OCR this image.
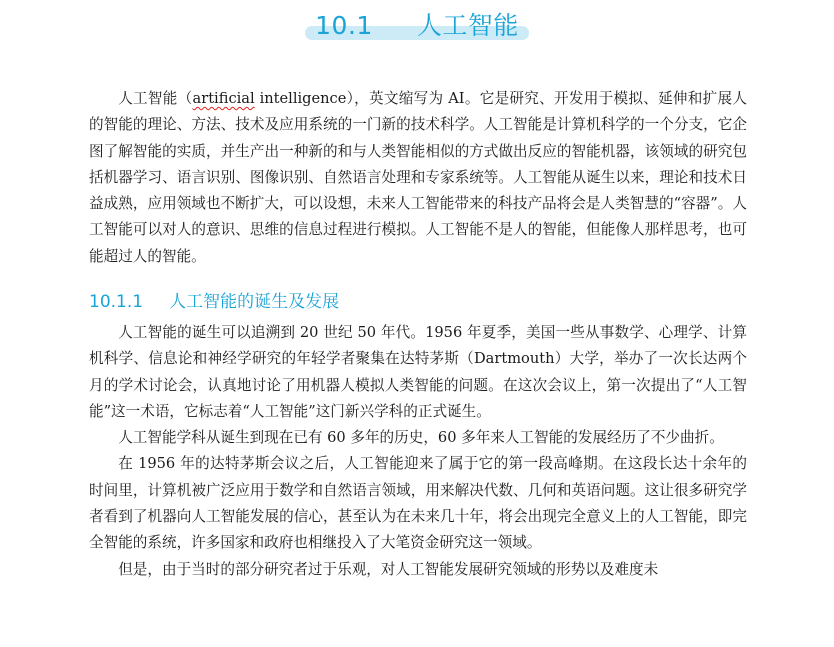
10.1 人工智能

人工智能（artificial intelligence），英文缩写为 AI。它是研究、开发用于模拟、延伸和扩展人的智能的理论、方法、技术及应用系统的一门新的技术科学。人工智能是计算机科学的一个分支，它企图了解智能的实质，并生产出一种新的和与人类智能相似的方式做出反应的智能机器，该领域的研究包括机器学习、语言识别、图像识别、自然语言处理和专家系统等。人工智能从诞生以来，理论和技术日益成熟，应用领域也不断扩大，可以设想，未来人工智能带来的科技产品将会是人类智慧的“容器”。人工智能可以对人的意识、思维的信息过程进行模拟。人工智能不是人的智能，但能像人那样思考，也可能超过人的智能。

10.1.1 人工智能的诞生及发展

人工智能的诞生可以追溯到 20 世纪 50 年代。1956 年夏季，美国一些从事数学、心理学、计算机科学、信息论和神经学研究的年轻学者聚集在达特茅斯（Dartmouth）大学，举办了一次长达两个月的学术讨论会，认真地讨论了用机器人模拟人类智能的问题。在这次会议上，第一次提出了“人工智能”这一术语，它标志着“人工智能”这门新兴学科的正式诞生。

人工智能学科从诞生到现在已有 60 多年的历史，60 多年来人工智能的发展经历了不少曲折。

在 1956 年的达特茅斯会议之后，人工智能迎来了属于它的第一段高峰期。在这段长达十余年的时间里，计算机被广泛应用于数学和自然语言领域，用来解决代数、几何和英语问题。这让很多研究学者看到了机器向人工智能发展的信心，甚至认为在未来几十年，将会出现完全意义上的人工智能，即完全智能的系统，许多国家和政府也相继投入了大笔资金研究这一领域。

但是，由于当时的部分研究者过于乐观，对人工智能发展研究领域的形势以及难度未
